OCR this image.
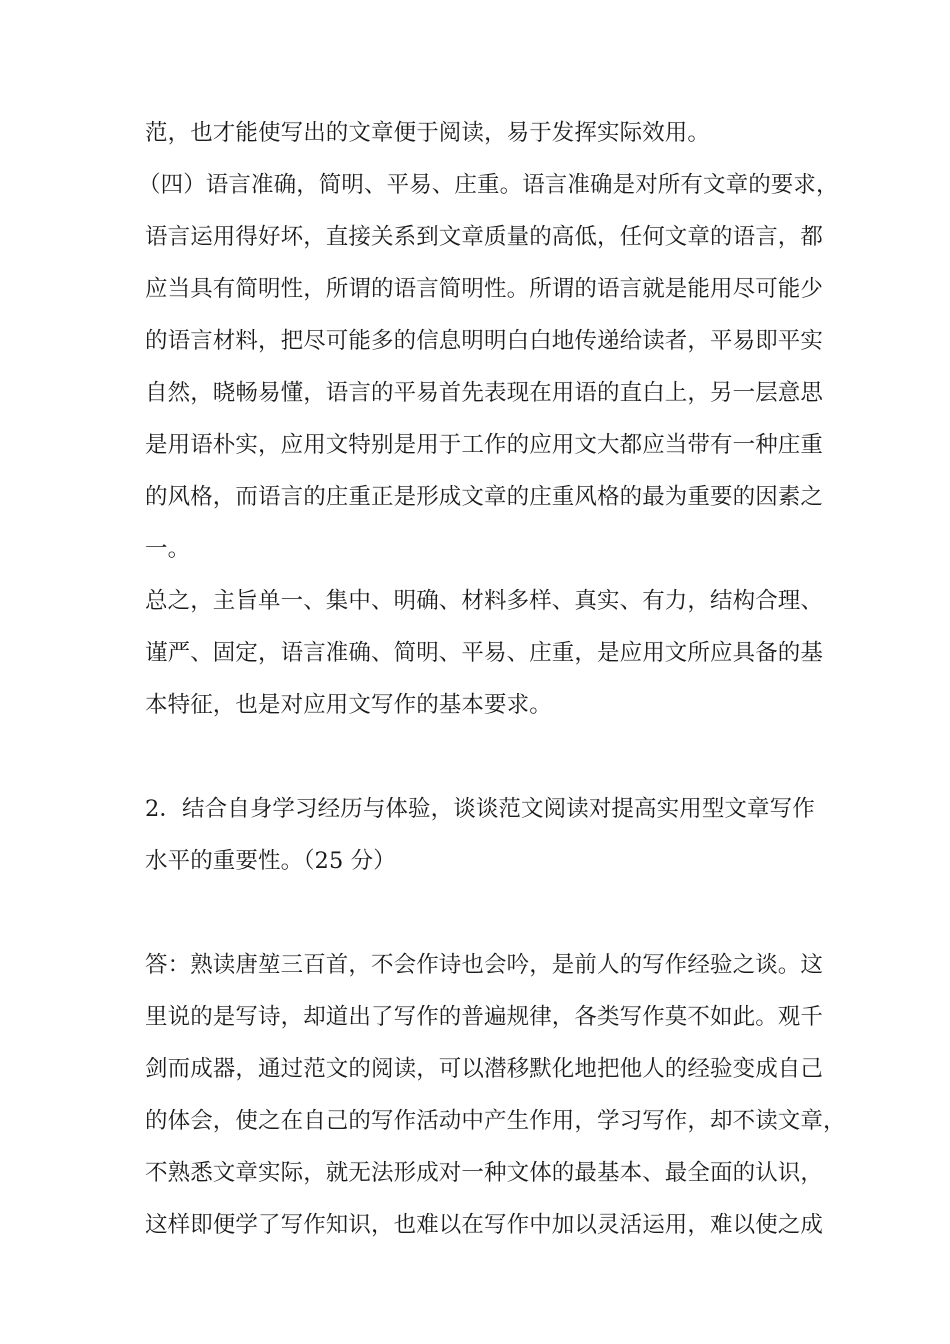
范，也才能使写出的文章便于阅读，易于发挥实际效用。
（四）语言准确，简明、平易、庄重。语言准确是对所有文章的要求，
语言运用得好坏，直接关系到文章质量的高低，任何文章的语言，都
应当具有简明性，所谓的语言简明性。所谓的语言就是能用尽可能少
的语言材料，把尽可能多的信息明明白白地传递给读者，平易即平实
自然，晓畅易懂，语言的平易首先表现在用语的直白上，另一层意思
是用语朴实，应用文特别是用于工作的应用文大都应当带有一种庄重
的风格，而语言的庄重正是形成文章的庄重风格的最为重要的因素之
一。
总之，主旨单一、集中、明确、材料多样、真实、有力，结构合理、
谨严、固定，语言准确、简明、平易、庄重，是应用文所应具备的基
本特征，也是对应用文写作的基本要求。
2．结合自身学习经历与体验，谈谈范文阅读对提高实用型文章写作
水平的重要性。（25 分）
答：熟读唐堃三百首，不会作诗也会吟，是前人的写作经验之谈。这
里说的是写诗，却道出了写作的普遍规律，各类写作莫不如此。观千
剑而成器，通过范文的阅读，可以潜移默化地把他人的经验变成自己
的体会，使之在自己的写作活动中产生作用，学习写作，却不读文章，
不熟悉文章实际，就无法形成对一种文体的最基本、最全面的认识，
这样即便学了写作知识，也难以在写作中加以灵活运用，难以使之成
